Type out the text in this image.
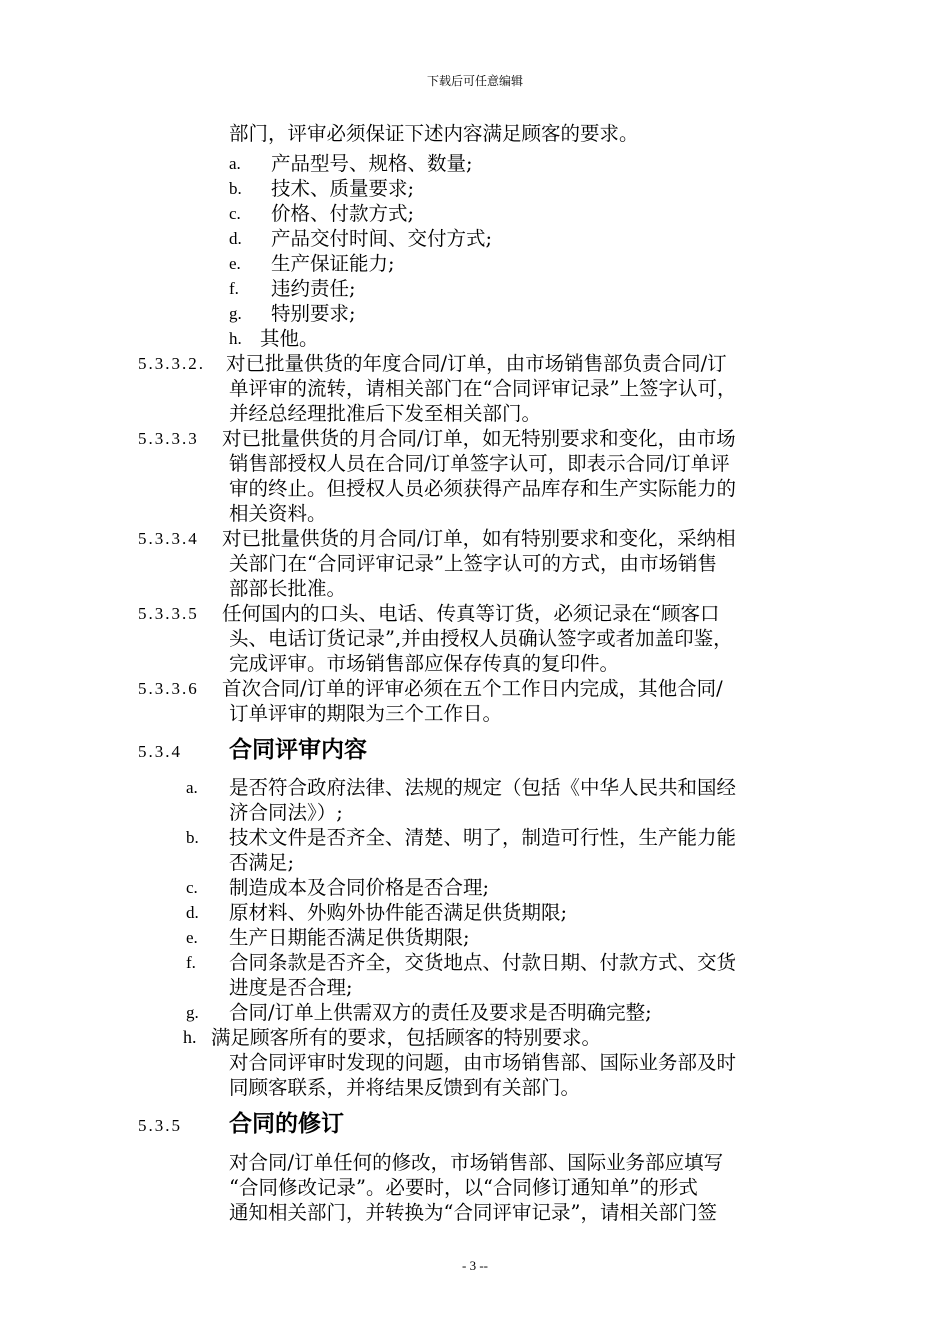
下载后可任意编辑
部门，评审必须保证下述内容满足顾客的要求。
a. 产品型号、规格、数量;
b. 技术、质量要求;
c. 价格、付款方式;
d. 产品交付时间、交付方式;
e. 生产保证能力;
f. 违约责任;
g. 特别要求;
h. 其他。
5.3.3.2. 对已批量供货的年度合同/订单，由市场销售部负责合同/订
单评审的流转，请相关部门在“合同评审记录”上签字认可，
并经总经理批准后下发至相关部门。
5.3.3.3 对已批量供货的月合同/订单，如无特别要求和变化，由市场
销售部授权人员在合同/订单签字认可，即表示合同/订单评
审的终止。但授权人员必须获得产品库存和生产实际能力的
相关资料。
5.3.3.4 对已批量供货的月合同/订单，如有特别要求和变化，采纳相
关部门在“合同评审记录”上签字认可的方式，由市场销售
部部长批准。
5.3.3.5 任何国内的口头、电话、传真等订货，必须记录在“顾客口
头、电话订货记录”,并由授权人员确认签字或者加盖印鉴，
完成评审。市场销售部应保存传真的复印件。
5.3.3.6 首次合同/订单的评审必须在五个工作日内完成，其他合同/
订单评审的期限为三个工作日。
5.3.4 合同评审内容
a. 是否符合政府法律、法规的规定（包括《中华人民共和国经
济合同法》）;
b. 技术文件是否齐全、清楚、明了，制造可行性，生产能力能
否满足;
c. 制造成本及合同价格是否合理;
d. 原材料、外购外协件能否满足供货期限;
e. 生产日期能否满足供货期限;
f. 合同条款是否齐全，交货地点、付款日期、付款方式、交货
进度是否合理;
g. 合同/订单上供需双方的责任及要求是否明确完整;
h. 满足顾客所有的要求，包括顾客的特别要求。
对合同评审时发现的问题，由市场销售部、国际业务部及时
同顾客联系，并将结果反馈到有关部门。
5.3.5 合同的修订
对合同/订单任何的修改，市场销售部、国际业务部应填写
“合同修改记录”。必要时，以“合同修订通知单”的形式
通知相关部门，并转换为“合同评审记录”，请相关部门签
- 3 --
